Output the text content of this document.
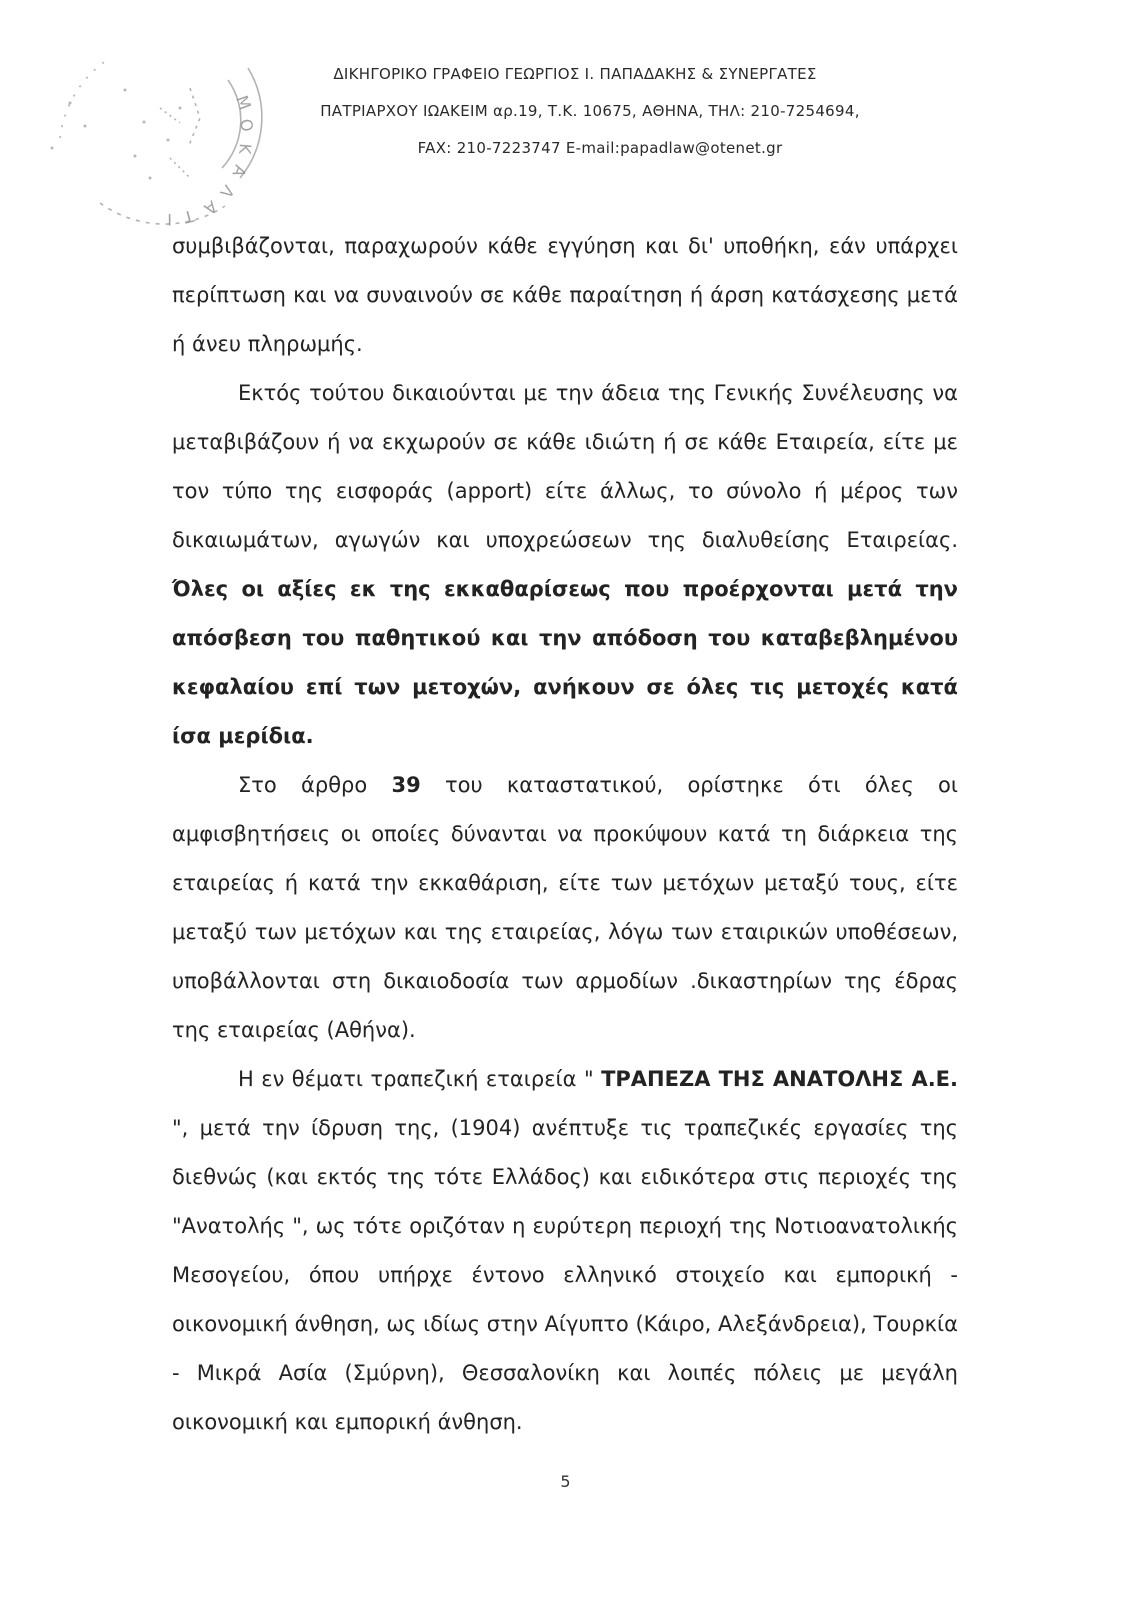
Μ
Ο
Κ
Α
Λ
Α
Τ
Ι
ΔΙΚΗΓΟΡΙΚΟ ΓΡΑΦΕΙΟ ΓΕΩΡΓΙΟΣ Ι. ΠΑΠΑΔΑΚΗΣ & ΣΥΝΕΡΓΑΤΕΣ
ΠΑΤΡΙΑΡΧΟΥ ΙΩΑΚΕΙΜ αρ.19, Τ.Κ. 10675, ΑΘΗΝΑ, ΤΗΛ: 210-7254694,
FAX: 210-7223747 E-mail:papadlaw@otenet.gr

συμβιβάζονται, παραχωρούν κάθε εγγύηση και δι' υποθήκη, εάν υπάρχει περίπτωση και να συναινούν σε κάθε παραίτηση ή άρση κατάσχεσης μετά ή άνευ πληρωμής.

Εκτός τούτου δικαιούνται με την άδεια της Γενικής Συνέλευσης να μεταβιβάζουν ή να εκχωρούν σε κάθε ιδιώτη ή σε κάθε Εταιρεία, είτε με τον τύπο της εισφοράς (apport) είτε άλλως, το σύνολο ή μέρος των δικαιωμάτων, αγωγών και υποχρεώσεων της διαλυθείσης Εταιρείας. Όλες οι αξίες εκ της εκκαθαρίσεως που προέρχονται μετά την απόσβεση του παθητικού και την απόδοση του καταβεβλημένου κεφαλαίου επί των μετοχών, ανήκουν σε όλες τις μετοχές κατά ίσα μερίδια.

Στο άρθρο 39 του καταστατικού, ορίστηκε ότι όλες οι αμφισβητήσεις οι οποίες δύνανται να προκύψουν κατά τη διάρκεια της εταιρείας ή κατά την εκκαθάριση, είτε των μετόχων μεταξύ τους, είτε μεταξύ των μετόχων και της εταιρείας, λόγω των εταιρικών υποθέσεων, υποβάλλονται στη δικαιοδοσία των αρμοδίων .δικαστηρίων της έδρας της εταιρείας (Αθήνα).

Η εν θέματι τραπεζική εταιρεία " ΤΡΑΠΕΖΑ ΤΗΣ ΑΝΑΤΟΛΗΣ Α.Ε. ", μετά την ίδρυση της, (1904) ανέπτυξε τις τραπεζικές εργασίες της διεθνώς (και εκτός της τότε Ελλάδος) και ειδικότερα στις περιοχές της "Ανατολής ", ως τότε οριζόταν η ευρύτερη περιοχή της Νοτιοανατολικής Μεσογείου, όπου υπήρχε έντονο ελληνικό στοιχείο και εμπορική - οικονομική άνθηση, ως ιδίως στην Αίγυπτο (Κάιρο, Αλεξάνδρεια), Τουρκία - Μικρά Ασία (Σμύρνη), Θεσσαλονίκη και λοιπές πόλεις με μεγάλη οικονομική και εμπορική άνθηση.

5
